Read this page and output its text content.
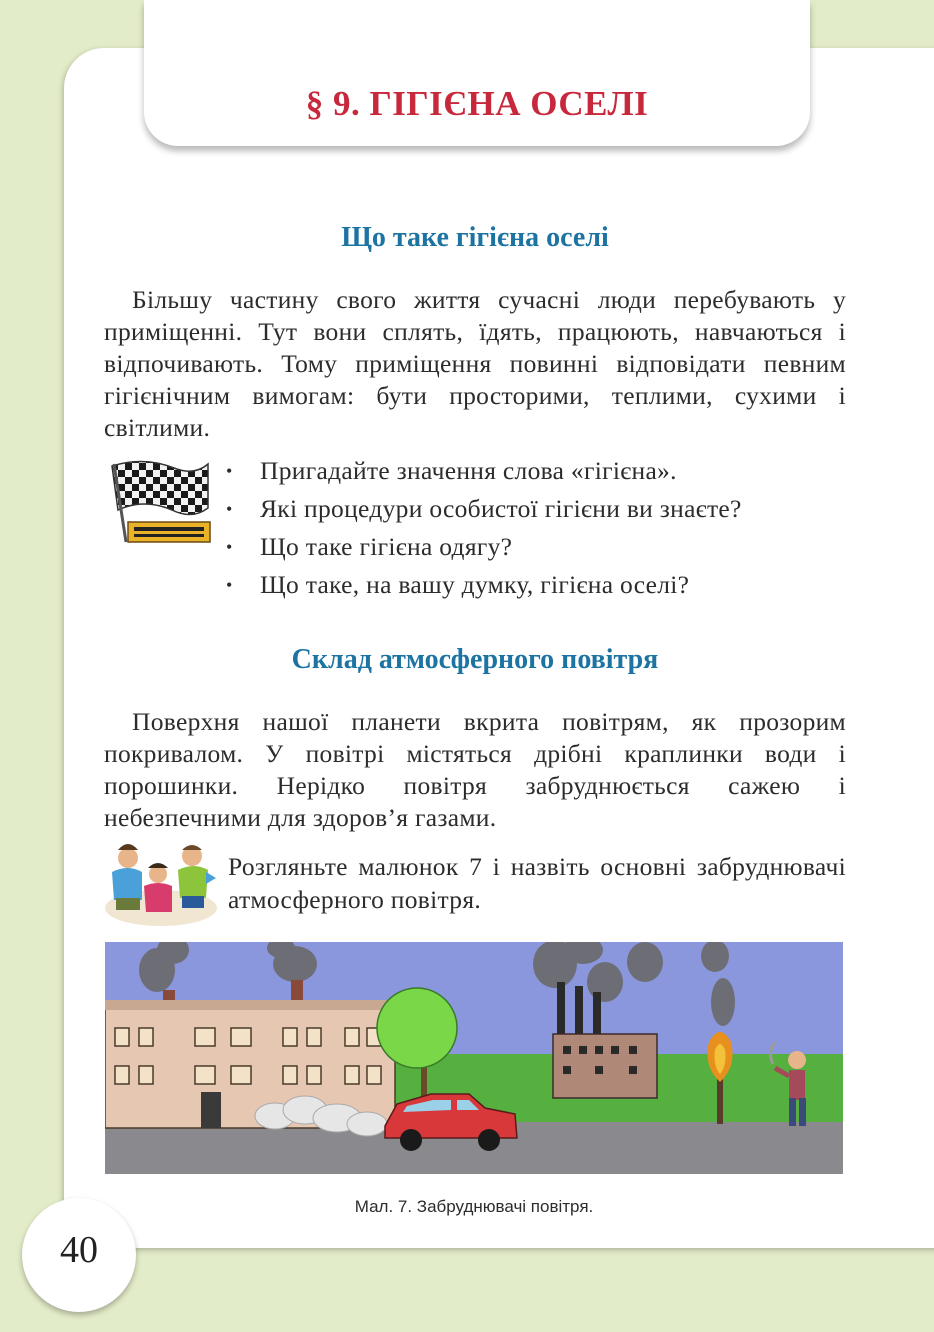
§ 9. ГІГІЄНА ОСЕЛІ
Що таке гігієна оселі

Більшу частину свого життя сучасні люди перебувають у приміщенні. Тут вони сплять, їдять, працюють, навчаються і відпочивають. Тому приміщення повинні відповідати певним гігієнічним вимогам: бути просторими, теплими, сухими і світлими.

• Пригадайте значення слова «гігієна».
• Які процедури особистої гігієни ви знаєте?
• Що таке гігієна одягу?
• Що таке, на вашу думку, гігієна оселі?
Склад атмосферного повітря

Поверхня нашої планети вкрита повітрям, як прозорим покривалом. У повітрі містяться дрібні краплинки води і порошинки. Нерідко повітря забруднюється сажею і небезпечними для здоров’я газами.

Розгляньте малюнок 7 і назвіть основні забруднювачі атмосферного повітря.

Мал. 7. Забруднювачі повітря.
40
